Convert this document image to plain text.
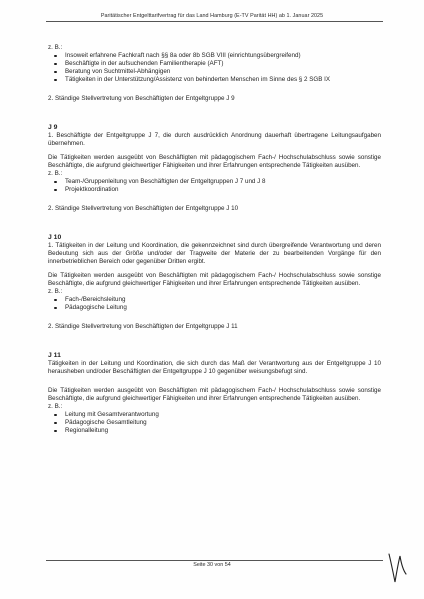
Paritätischer Entgelttarifvertrag für das Land Hamburg (E-TV Parität HH) ab 1. Januar 2025

z. B.:

Insoweit erfahrene Fachkraft nach §§ 8a oder 8b SGB VIII (einrichtungsübergreifend)
Beschäftigte in der aufsuchenden Familientherapie (AFT)
Beratung von Suchtmittel-Abhängigen
Tätigkeiten in der Unterstützung/Assistenz von behinderten Menschen im Sinne des § 2 SGB IX

2. Ständige Stellvertretung von Beschäftigten der Entgeltgruppe J 9

J 9

1. Beschäftigte der Entgeltgruppe J 7, die durch ausdrücklich Anordnung dauerhaft übertragene Leitungsaufgaben übernehmen.

Die Tätigkeiten werden ausgeübt von Beschäftigten mit pädagogischem Fach-/ Hochschulabschluss sowie sonstige Beschäftigte, die aufgrund gleichwertiger Fähigkeiten und ihrer Erfahrungen entsprechende Tätigkeiten ausüben.

z. B.:

Team-/Gruppenleitung von Beschäftigten der Entgeltgruppen J 7 und J 8
Projektkoordination

2. Ständige Stellvertretung von Beschäftigten der Entgeltgruppe J 10

J 10

1. Tätigkeiten in der Leitung und Koordination, die gekennzeichnet sind durch übergreifende Verantwortung und deren Bedeutung sich aus der Größe und/oder der Tragweite der Materie der zu bearbeitenden Vorgänge für den innerbetrieblichen Bereich oder gegenüber Dritten ergibt.

Die Tätigkeiten werden ausgeübt von Beschäftigten mit pädagogischem Fach-/ Hochschulabschluss sowie sonstige Beschäftigte, die aufgrund gleichwertiger Fähigkeiten und ihrer Erfahrungen entsprechende Tätigkeiten ausüben.

z. B.:

Fach-/Bereichsleitung
Pädagogische Leitung

2. Ständige Stellvertretung von Beschäftigten der Entgeltgruppe J 11

J 11

Tätigkeiten in der Leitung und Koordination, die sich durch das Maß der Verantwortung aus der Entgeltgruppe J 10 herausheben und/oder Beschäftigten der Entgeltgruppe J 10 gegenüber weisungsbefugt sind.

Die Tätigkeiten werden ausgeübt von Beschäftigten mit pädagogischem Fach-/ Hochschulabschluss sowie sonstige Beschäftigte, die aufgrund gleichwertiger Fähigkeiten und ihrer Erfahrungen entsprechende Tätigkeiten ausüben.

z. B.:

Leitung mit Gesamtverantwortung
Pädagogische Gesamtleitung
Regionalleitung
Seite 30 von 54
